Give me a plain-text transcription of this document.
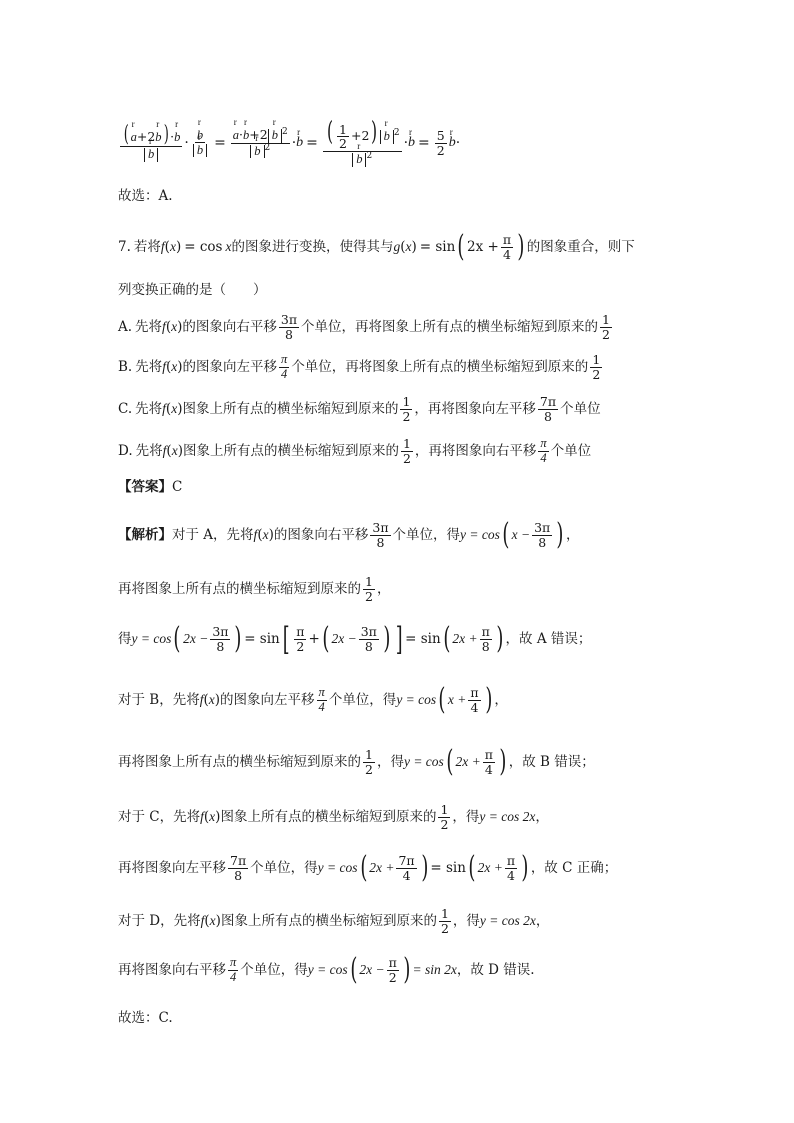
(r a+2r b) ·r b
r b ·
r b
r b =
r a·r b+2r b $^2$
r b $^2$ ·
r b = ( $\frac{1}{2} +2)r$ b $^2$
r b $^2$ ·
r $b = \frac{5}{2}$
r b ·
故选：A.
7. 若将 f ( x ) = cos x 的图象进行变换，使得其与 g ( x ) = sin ( $2x + \frac{\pi}{4}$ ) 的图象重合，则下
列变换正确的是（　　）
A. 先将 f ( x ) 的图象向右平移 $\frac{3\pi}{8}$ 个单位，再将图象上所有点的横坐标缩短到原来的 $\frac{1}{2}$
B. 先将 f ( x ) 的图象向左平移 $\frac{\pi}{4}$ 个单位，再将图象上所有点的横坐标缩短到原来的 $\frac{1}{2}$
C. 先将 f ( x ) 图象上所有点的横坐标缩短到原来的 $\frac{1}{2}$ ，再将图象向左平移 $\frac{7\pi}{8}$ 个单位
D. 先将 f ( x ) 图象上所有点的横坐标缩短到原来的 $\frac{1}{2}$ ，再将图象向右平移 $\frac{\pi}{4}$ 个单位
【答案】 C
【解析】 对于 A，先将 f ( x ) 的图象向右平移 $\frac{3\pi}{8}$ 个单位，得 y = cos ( $x - \frac{3\pi}{8}$ ) ，
再将图象上所有点的横坐标缩短到原来的 $\frac{1}{2}$ ，
得 y = cos ( $2x - \frac{3\pi}{8}$ ) = sin [ $\frac{\pi}{2}$ + ( $2x - \frac{3\pi}{8}$ ) ] = sin ( $2x + \frac{\pi}{8}$ ) ，故 A 错误；
对于 B，先将 f ( x ) 的图象向左平移 $\frac{\pi}{4}$ 个单位，得 y = cos ( $x + \frac{\pi}{4}$ ) ，
再将图象上所有点的横坐标缩短到原来的 $\frac{1}{2}$ ，得 y = cos ( $2x + \frac{\pi}{4}$ ) ，故 B 错误；
对于 C，先将 f ( x ) 图象上所有点的横坐标缩短到原来的 $\frac{1}{2}$ ，得 y = cos 2x ，
再将图象向左平移 $\frac{7\pi}{8}$ 个单位，得 y = cos ( $2x + \frac{7\pi}{4}$ ) = sin ( $2x + \frac{\pi}{4}$ ) ，故 C 正确；
对于 D，先将 f ( x ) 图象上所有点的横坐标缩短到原来的 $\frac{1}{2}$ ，得 y = cos 2x ，
再将图象向右平移 $\frac{\pi}{4}$ 个单位，得 y = cos ( $2x - \frac{\pi}{2}$ ) = sin 2x ，故 D 错误.
故选：C.
